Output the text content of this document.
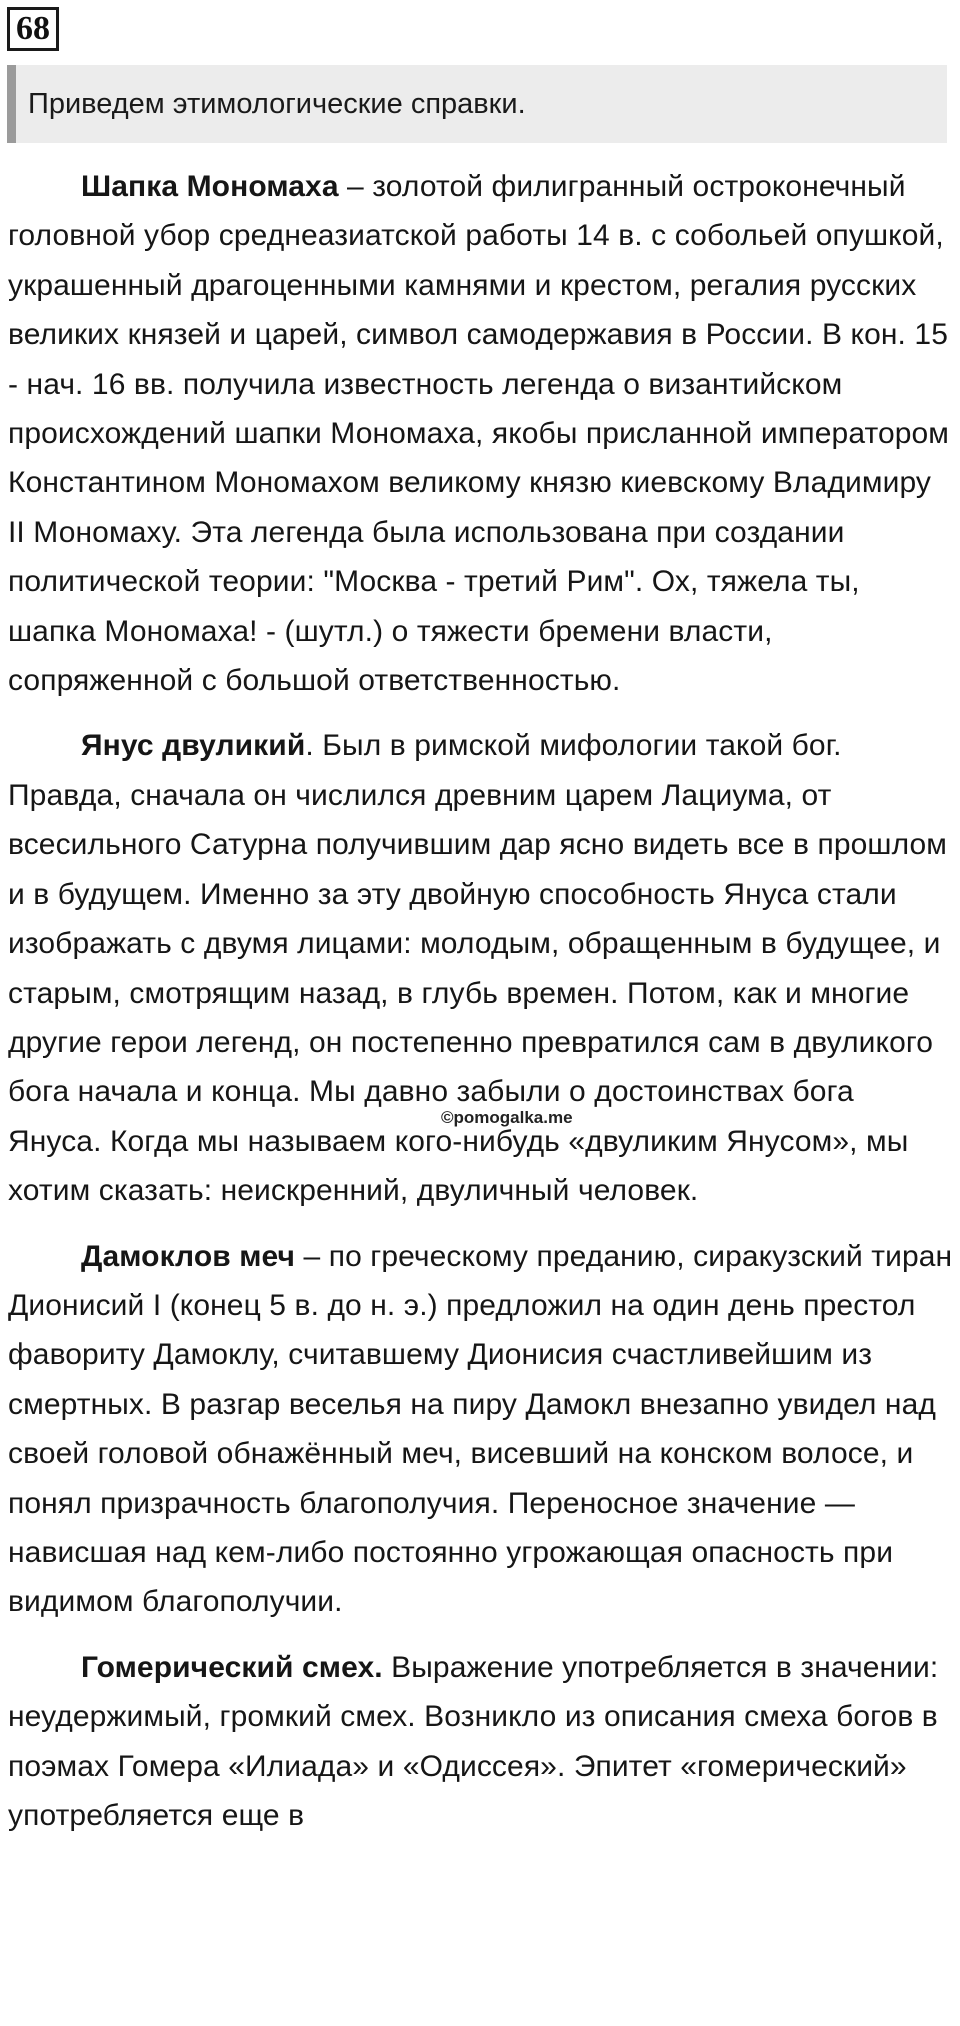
68
Приведем этимологические справки.

Шапка Мономаха – золотой филигранный остроконечный головной убор среднеазиатской работы 14 в. с собольей опушкой, украшенный драгоценными камнями и крестом, регалия русских великих князей и царей, символ самодержавия в России. В кон. 15 - нач. 16 вв. получила известность легенда о византийском происхождений шапки Мономаха, якобы присланной императором Константином Мономахом великому князю киевскому Владимиру II Мономаху. Эта легенда была использована при создании политической теории: "Москва - третий Рим". Ох, тяжела ты, шапка Мономаха! - (шутл.) о тяжести бремени власти, сопряженной с большой ответственностью.

Янус двуликий. Был в римской мифологии такой бог. Правда, сначала он числился древним царем Лациума, от всесильного Сатурна получившим дар ясно видеть все в прошлом и в будущем. Именно за эту двойную способность Януса стали изображать с двумя лицами: молодым, обращенным в будущее, и старым, смотрящим назад, в глубь времен. Потом, как и многие другие герои легенд, он постепенно превратился сам в двуликого бога начала и конца. Мы давно забыли о достоинствах бога Януса. Когда мы называем кого-нибудь «двуликим Янусом», мы хотим сказать: неискренний, двуличный человек.

Дамоклов меч – по греческому преданию, сиракузский тиран Дионисий I (конец 5 в. до н. э.) предложил на один день престол фавориту Дамоклу, считавшему Дионисия счастливейшим из смертных. В разгар веселья на пиру Дамокл внезапно увидел над своей головой обнажённый меч, висевший на конском волосе, и понял призрачность благополучия. Переносное значение — нависшая над кем-либо постоянно угрожающая опасность при видимом благополучии.

Гомерический смех. Выражение употребляется в значении: неудержимый, громкий смех. Возникло из описания смеха богов в поэмах Гомера «Илиада» и «Одиссея». Эпитет «гомерический» употребляется еще в

©pomogalka.me
